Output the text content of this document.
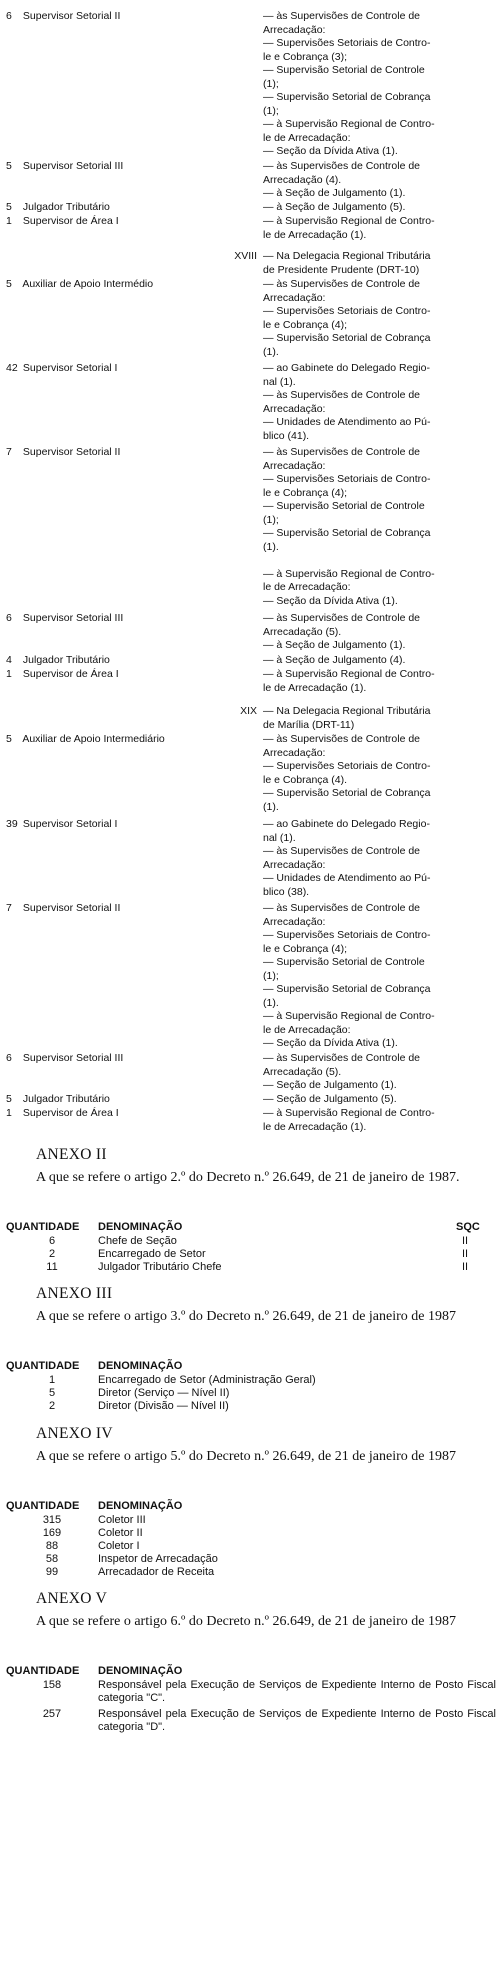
6 Supervisor Setorial II	— às Supervisões de Controle de
Arrecadação:
— Supervisões Setoriais de Contro-
le e Cobrança (3);
— Supervisão Setorial de Controle
(1);
— Supervisão Setorial de Cobrança
(1);
— à Supervisão Regional de Contro-
le de Arrecadação:
— Seção da Dívida Ativa (1).
5 Supervisor Setorial III	— às Supervisões de Controle de
Arrecadação (4).
— à Seção de Julgamento (1).
5 Julgador Tributário	— à Seção de Julgamento (5).
1 Supervisor de Área I	— à Supervisão Regional de Contro-
le de Arrecadação (1).
XVIII — Na Delegacia Regional Tributária
de Presidente Prudente (DRT-10)
5 Auxiliar de Apoio Intermédio	— às Supervisões de Controle de
Arrecadação:
— Supervisões Setoriais de Contro-
le e Cobrança (4);
— Supervisão Setorial de Cobrança
(1).
42 Supervisor Setorial I	— ao Gabinete do Delegado Regio-
nal (1).
— às Supervisões de Controle de
Arrecadação:
— Unidades de Atendimento ao Pú-
blico (41).
7 Supervisor Setorial II	— às Supervisões de Controle de
Arrecadação:
— Supervisões Setoriais de Contro-
le e Cobrança (4);
— Supervisão Setorial de Controle
(1);
— Supervisão Setorial de Cobrança
(1).
— à Supervisão Regional de Contro-
le de Arrecadação:
— Seção da Dívida Ativa (1).
6 Supervisor Setorial III	— às Supervisões de Controle de
Arrecadação (5).
— à Seção de Julgamento (1).
4 Julgador Tributário	— à Seção de Julgamento (4).
1 Supervisor de Área I	— à Supervisão Regional de Contro-
le de Arrecadação (1).
XIX — Na Delegacia Regional Tributária
de Marília (DRT-11)
5 Auxiliar de Apoio Intermediário	— às Supervisões de Controle de
Arrecadação:
— Supervisões Setoriais de Contro-
le e Cobrança (4).
— Supervisão Setorial de Cobrança
(1).
39 Supervisor Setorial I	— ao Gabinete do Delegado Regio-
nal (1).
— às Supervisões de Controle de
Arrecadação:
— Unidades de Atendimento ao Pú-
blico (38).
7 Supervisor Setorial II	— às Supervisões de Controle de
Arrecadação:
— Supervisões Setoriais de Contro-
le e Cobrança (4);
— Supervisão Setorial de Controle
(1);
— Supervisão Setorial de Cobrança
(1).
— à Supervisão Regional de Contro-
le de Arrecadação:
— Seção da Dívida Ativa (1).
6 Supervisor Setorial III	— às Supervisões de Controle de
Arrecadação (5).
— Seção de Julgamento (1).
5 Julgador Tributário	— Seção de Julgamento (5).
1 Supervisor de Área I	— à Supervisão Regional de Contro-
le de Arrecadação (1).
ANEXO II
A que se refere o artigo 2.º do Decreto n.º 26.649, de 21 de janeiro de 1987.
QUANTIDADE DENOMINAÇÃO	SQC
6	Chefe de Seção	II
2	Encarregado de Setor	II
11	Julgador Tributário Chefe	II
ANEXO III
A que se refere o artigo 3.º do Decreto n.º 26.649, de 21 de janeiro de 1987
QUANTIDADE DENOMINAÇÃO
1	Encarregado de Setor (Administração Geral)
5	Diretor (Serviço — Nível II)
2	Diretor (Divisão — Nível II)
ANEXO IV
A que se refere o artigo 5.º do Decreto n.º 26.649, de 21 de janeiro de 1987
QUANTIDADE DENOMINAÇÃO
315	Coletor III
169	Coletor II
88	Coletor I
58	Inspetor de Arrecadação
99	Arrecadador de Receita
ANEXO V
A que se refere o artigo 6.º do Decreto n.º 26.649, de 21 de janeiro de 1987
QUANTIDADE DENOMINAÇÃO
158	Responsável pela Execução de Serviços de Expediente Interno de Posto Fiscal categoria "C".
257	Responsável pela Execução de Serviços de Expediente Interno de Posto Fiscal categoria "D".
